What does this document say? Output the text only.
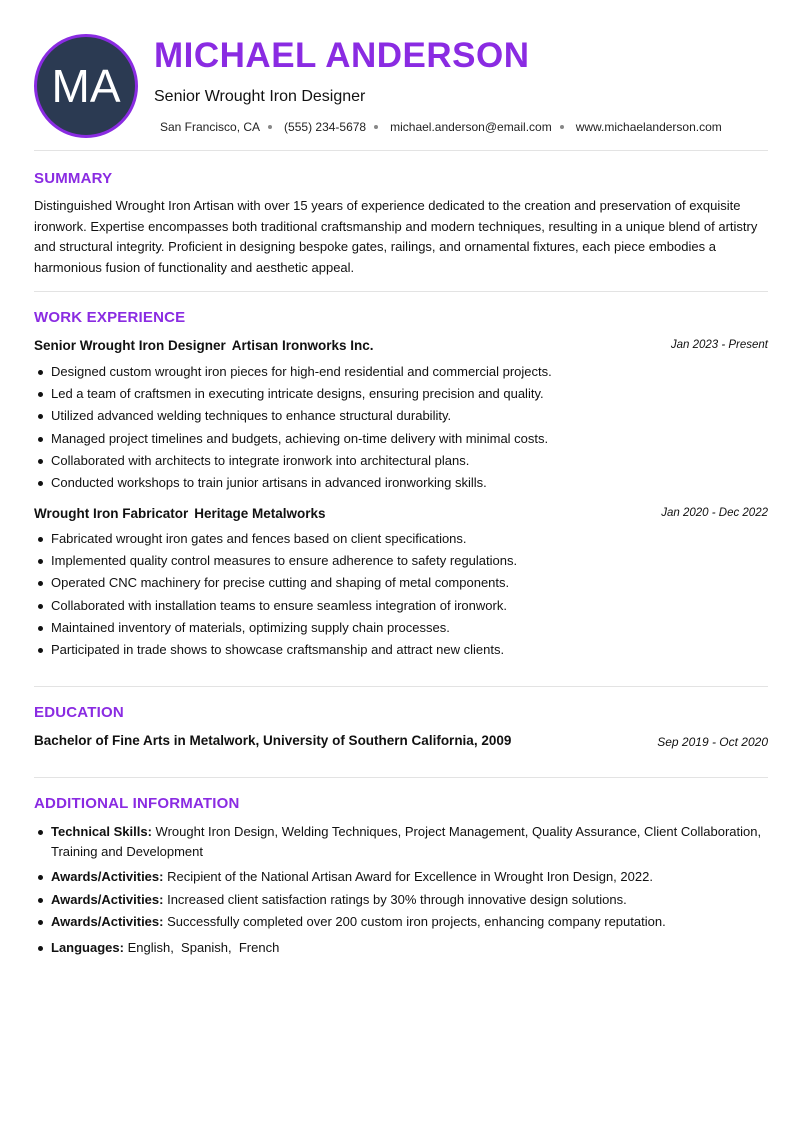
MA
MICHAEL ANDERSON
Senior Wrought Iron Designer
San Francisco, CA (555) 234-5678 michael.anderson@email.com www.michaelanderson.com
SUMMARY

Distinguished Wrought Iron Artisan with over 15 years of experience dedicated to the creation and preservation of exquisite ironwork. Expertise encompasses both traditional craftsmanship and modern techniques, resulting in a unique blend of artistry and structural integrity. Proficient in designing bespoke gates, railings, and ornamental fixtures, each piece embodies a harmonious fusion of functionality and aesthetic appeal.

WORK EXPERIENCE
Senior Wrought Iron Designer Artisan Ironworks Inc.	Jan 2023 - Present
Designed custom wrought iron pieces for high-end residential and commercial projects.
Led a team of craftsmen in executing intricate designs, ensuring precision and quality.
Utilized advanced welding techniques to enhance structural durability.
Managed project timelines and budgets, achieving on-time delivery with minimal costs.
Collaborated with architects to integrate ironwork into architectural plans.
Conducted workshops to train junior artisans in advanced ironworking skills.
Wrought Iron Fabricator Heritage Metalworks	Jan 2020 - Dec 2022
Fabricated wrought iron gates and fences based on client specifications.
Implemented quality control measures to ensure adherence to safety regulations.
Operated CNC machinery for precise cutting and shaping of metal components.
Collaborated with installation teams to ensure seamless integration of ironwork.
Maintained inventory of materials, optimizing supply chain processes.
Participated in trade shows to showcase craftsmanship and attract new clients.
EDUCATION
Bachelor of Fine Arts in Metalwork, University of Southern California, 2009	Sep 2019 - Oct 2020
ADDITIONAL INFORMATION
Technical Skills: Wrought Iron Design, Welding Techniques, Project Management, Quality Assurance, Client Collaboration, Training and Development
Awards/Activities: Recipient of the National Artisan Award for Excellence in Wrought Iron Design, 2022.
Awards/Activities: Increased client satisfaction ratings by 30% through innovative design solutions.
Awards/Activities: Successfully completed over 200 custom iron projects, enhancing company reputation.
Languages: English,  Spanish,  French
